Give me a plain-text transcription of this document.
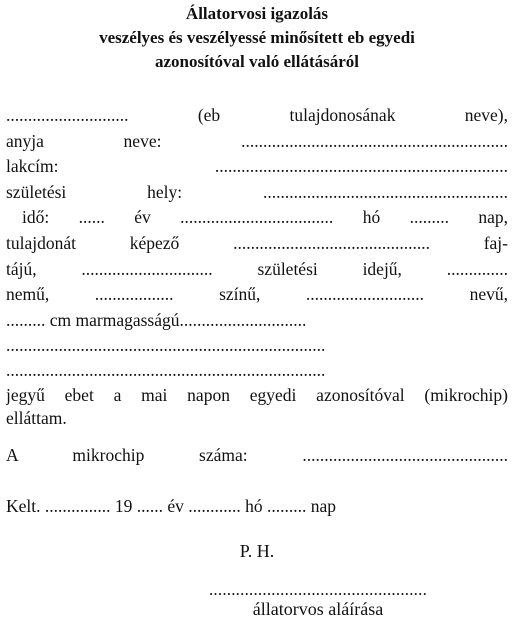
Állatorvosi igazolás
veszélyes és veszélyessé minősített eb egyedi
azonosítóval való ellátásáról
............................ (eb tulajdonosának neve),
anyja neve: .............................................................
lakcím: ...................................................................
születési hely: ........................................................
idő: ...... év ................................... hó ......... nap,
tulajdonát képező ............................................. faj-
tájú, .............................. születési idejű, ..............
nemű, .................. színű, ........................... nevű,
......... cm marmagasságú.............................
.........................................................................
.........................................................................
jegyű ebet a mai napon egyedi azonosítóval (mikrochip)
elláttam.
A mikrochip száma: ...............................................
Kelt. ............... 19 ...... év ............ hó ......... nap
P. H.
.................................................
állatorvos aláírása
